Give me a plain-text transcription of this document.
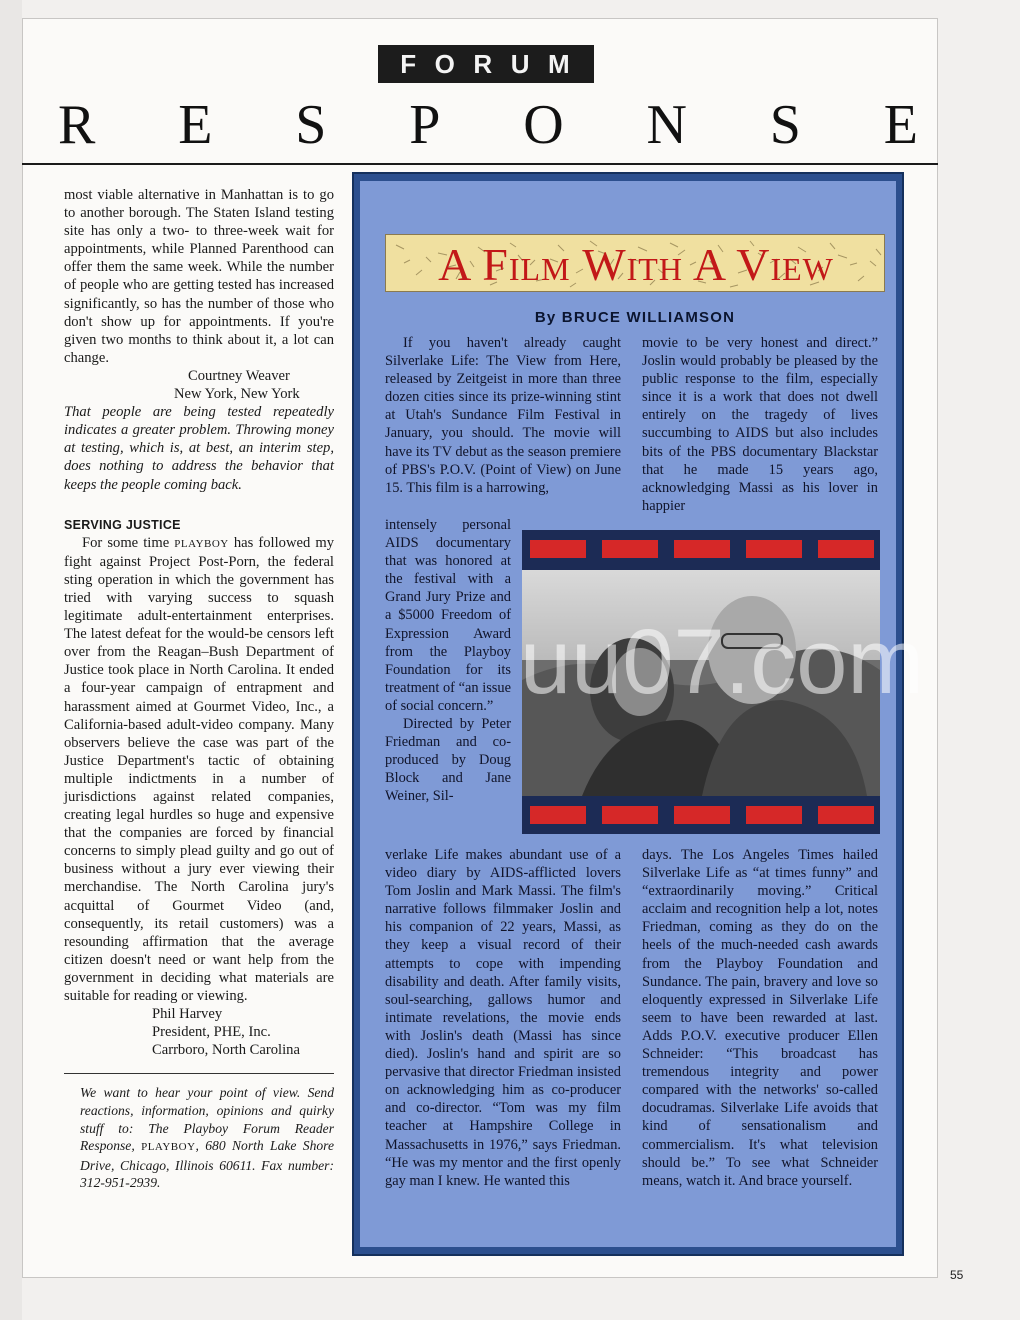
F O R U M
R E S P O N S E

most viable alternative in Manhattan is to go to another borough. The Staten Island testing site has only a two- to three-week wait for appointments, while Planned Parenthood can offer them the same week. While the number of people who are getting tested has increased significantly, so has the number of those who don't show up for appointments. If you're given two months to think about it, a lot can change.

Courtney Weaver

New York, New York

That people are being tested repeatedly indicates a greater problem. Throwing money at testing, which is, at best, an interim step, does nothing to address the behavior that keeps the people coming back.

SERVING JUSTICE

For some time PLAYBOY has followed my fight against Project Post-Porn, the federal sting operation in which the government has tried with varying success to squash legitimate adult-entertainment enterprises. The latest defeat for the would-be censors left over from the Reagan–Bush Department of Justice took place in North Carolina. It ended a four-year campaign of entrapment and harassment aimed at Gourmet Video, Inc., a California-based adult-video company. Many observers believe the case was part of the Justice Department's tactic of obtaining multiple indictments in a number of jurisdictions against related companies, creating legal hurdles so huge and expensive that the companies are forced by financial concerns to simply plead guilty and go out of business without a jury ever viewing their merchandise. The North Carolina jury's acquittal of Gourmet Video (and, consequently, its retail customers) was a resounding affirmation that the average citizen doesn't need or want help from the government in deciding what materials are suitable for reading or viewing.

Phil Harvey

President, PHE, Inc.

Carrboro, North Carolina

We want to hear your point of view. Send reactions, information, opinions and quirky stuff to: The Playboy Forum Reader Response, PLAYBOY, 680 North Lake Shore Drive, Chicago, Illinois 60611. Fax number: 312-951-2939.

A Film With A View
By BRUCE WILLIAMSON

If you haven't already caught Silverlake Life: The View from Here, released by Zeitgeist in more than three dozen cities since its prize-winning stint at Utah's Sundance Film Festival in January, you should. The movie will have its TV debut as the season premiere of PBS's P.O.V. (Point of View) on June 15. This film is a harrowing,

movie to be very honest and direct.” Joslin would probably be pleased by the public response to the film, especially since it is a work that does not dwell entirely on the tragedy of lives succumbing to AIDS but also includes bits of the PBS documentary Blackstar that he made 15 years ago, acknowledging Massi as his lover in happier

intensely personal AIDS documentary that was honored at the festival with a Grand Jury Prize and a $5000 Freedom of Expression Award from the Playboy Foundation for its treatment of “an issue of social concern.”

Directed by Peter Friedman and co-produced by Doug Block and Jane Weiner, Sil-

verlake Life makes abundant use of a video diary by AIDS-afflicted lovers Tom Joslin and Mark Massi. The film's narrative follows filmmaker Joslin and his companion of 22 years, Massi, as they keep a visual record of their attempts to cope with impending disability and death. After family visits, soul-searching, gallows humor and intimate revelations, the movie ends with Joslin's death (Massi has since died). Joslin's hand and spirit are so pervasive that director Friedman insisted on acknowledging him as co-producer and co-director. “Tom was my film teacher at Hampshire College in Massachusetts in 1976,” says Friedman. “He was my mentor and the first openly gay man I knew. He wanted this

days. The Los Angeles Times hailed Silverlake Life as “at times funny” and “extraordinarily moving.” Critical acclaim and recognition help a lot, notes Friedman, coming as they do on the heels of the much-needed cash awards from the Playboy Foundation and Sundance. The pain, bravery and love so eloquently expressed in Silverlake Life seem to have been rewarded at last. Adds P.O.V. executive producer Ellen Schneider: “This broadcast has tremendous integrity and power compared with the networks' so-called docudramas. Silverlake Life avoids that kind of sensationalism and commercialism. It's what television should be.” To see what Schneider means, watch it. And brace yourself.

uu07.com
55
